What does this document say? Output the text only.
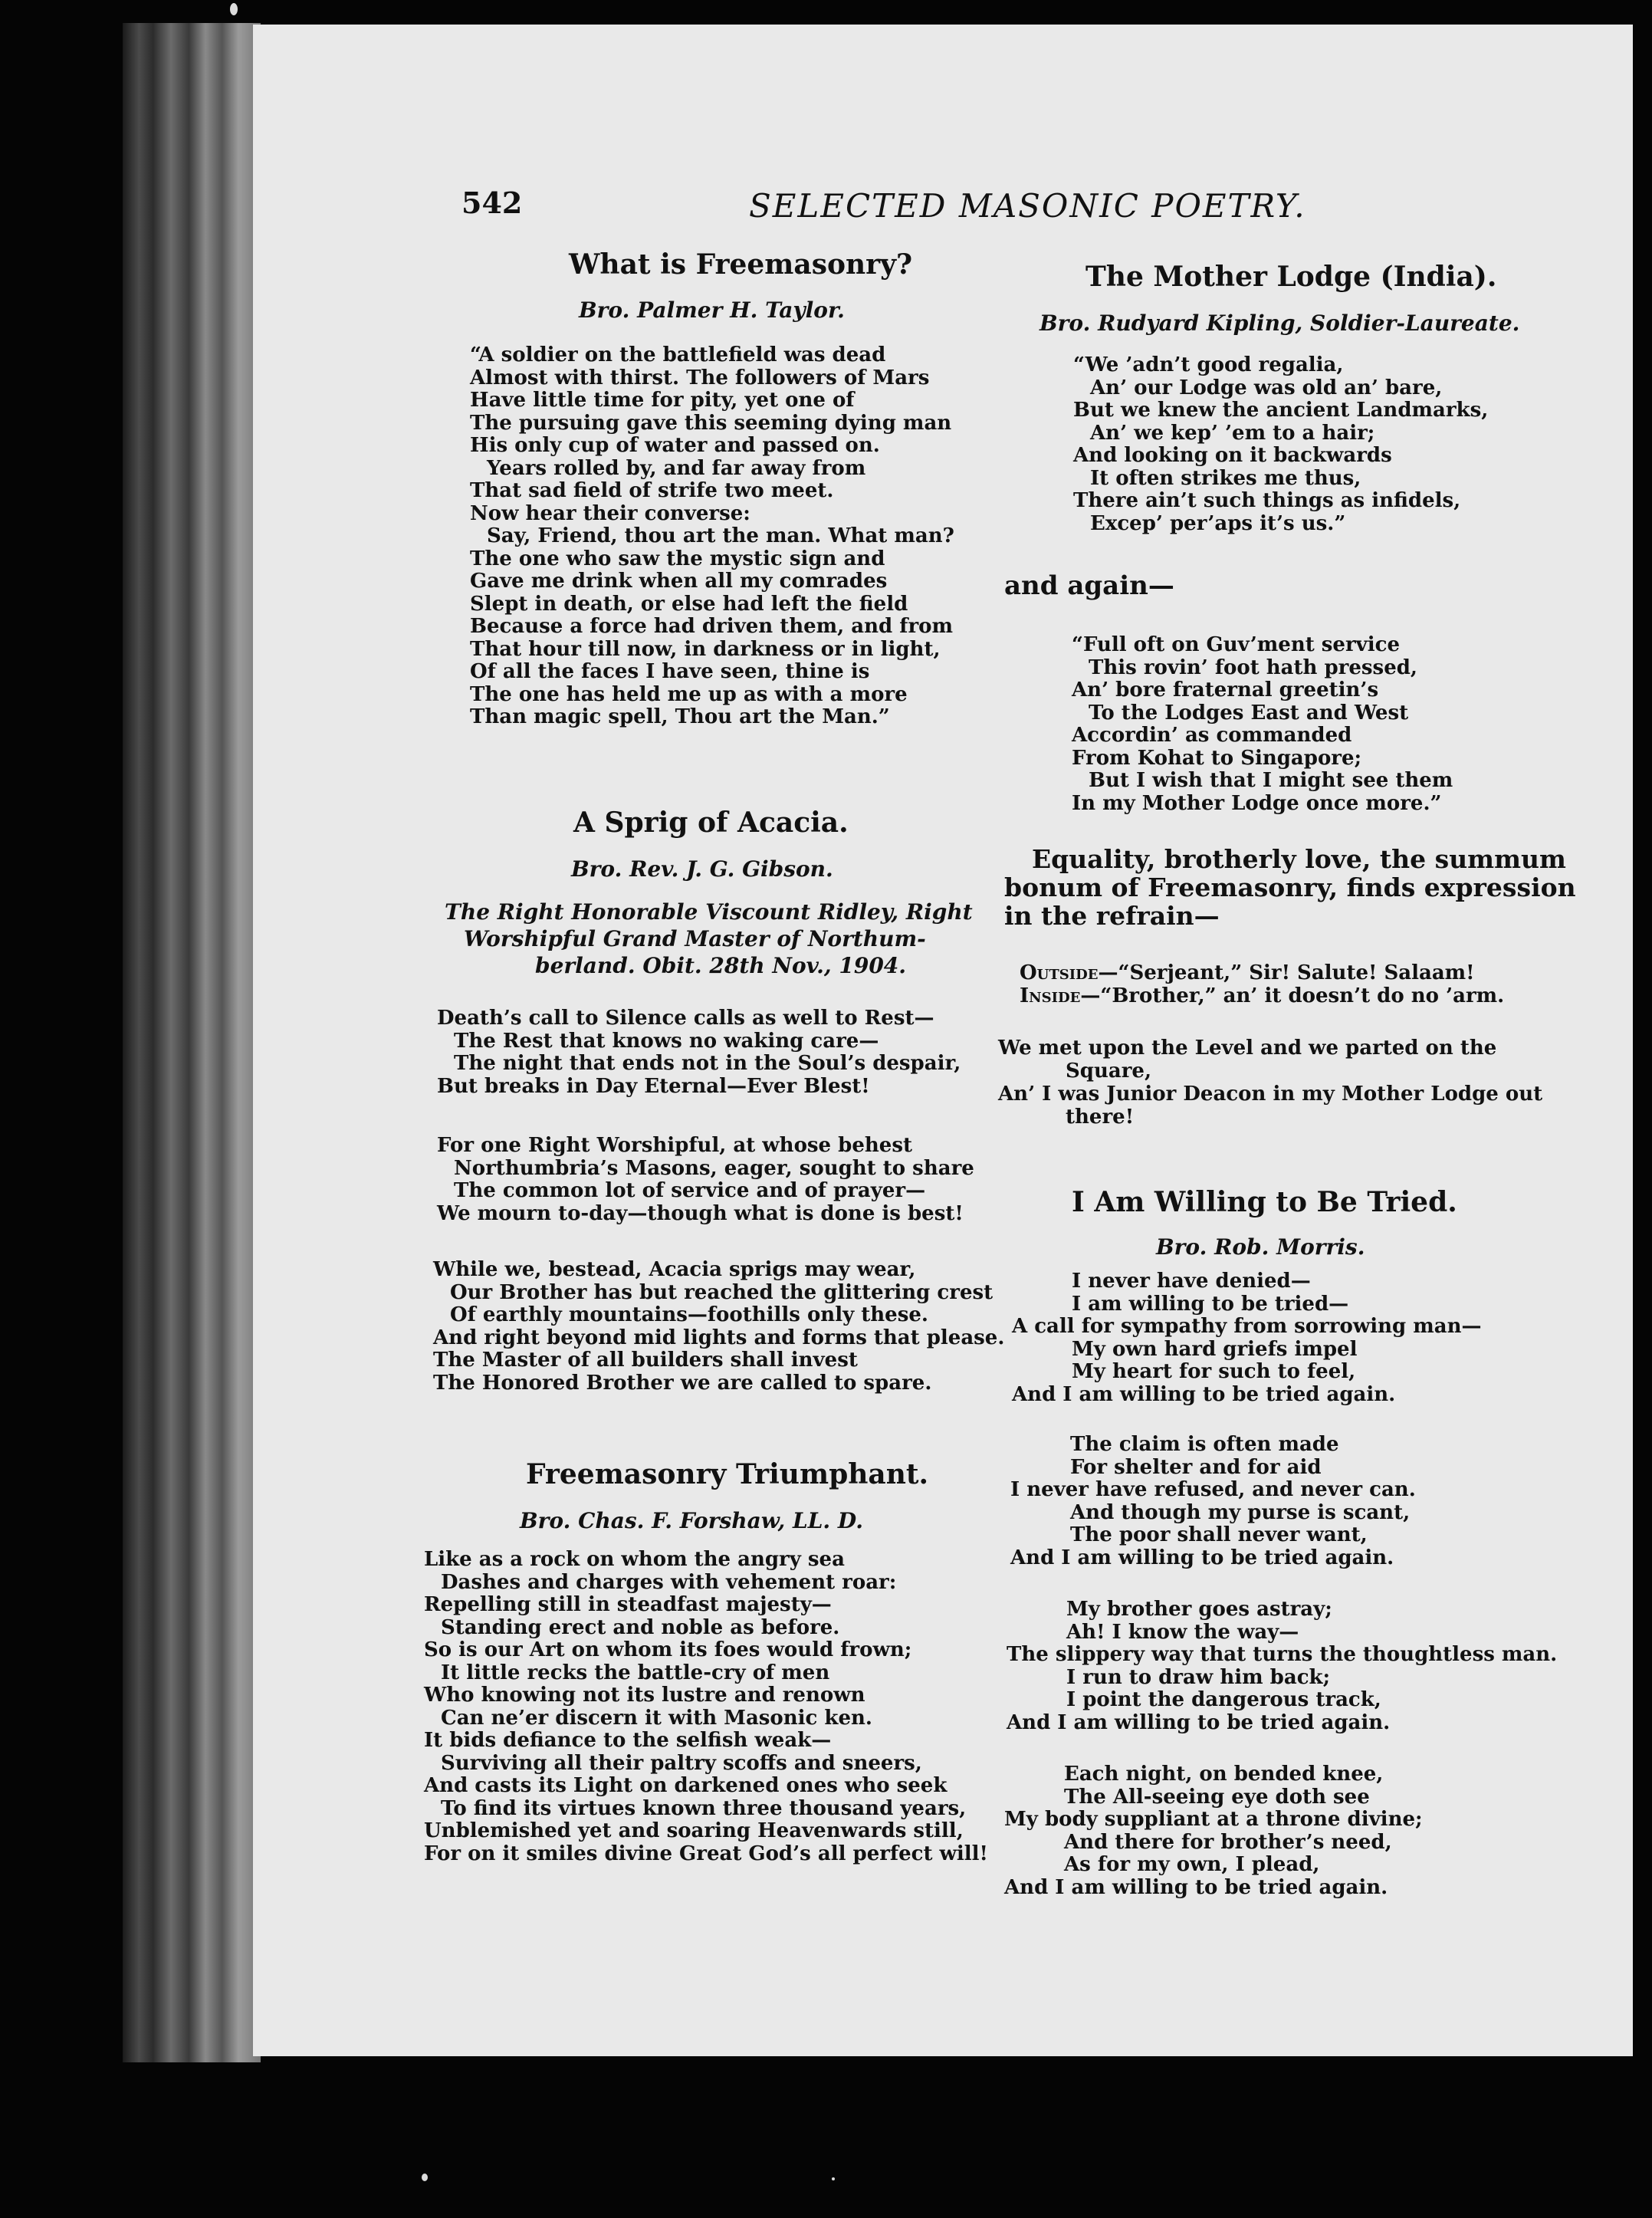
542	SELECTED MASONIC POETRY.
What is Freemasonry?
Bro. Palmer H. Taylor.
“A soldier on the battlefield was dead
Almost with thirst. The followers of Mars
Have little time for pity, yet one of
The pursuing gave this seeming dying man
His only cup of water and passed on.
Years rolled by, and far away from
That sad field of strife two meet.
Now hear their converse:
Say, Friend, thou art the man. What man?
The one who saw the mystic sign and
Gave me drink when all my comrades
Slept in death, or else had left the field
Because a force had driven them, and from
That hour till now, in darkness or in light,
Of all the faces I have seen, thine is
The one has held me up as with a more
Than magic spell, Thou art the Man.”
A Sprig of Acacia.
Bro. Rev. J. G. Gibson.
The Right Honorable Viscount Ridley, Right
Worshipful Grand Master of Northum-
berland. Obit. 28th Nov., 1904.
Death’s call to Silence calls as well to Rest—
The Rest that knows no waking care—
The night that ends not in the Soul’s despair,
But breaks in Day Eternal—Ever Blest!
For one Right Worshipful, at whose behest
Northumbria’s Masons, eager, sought to share
The common lot of service and of prayer—
We mourn to-day—though what is done is best!
While we, bestead, Acacia sprigs may wear,
Our Brother has but reached the glittering crest
Of earthly mountains—foothills only these.
And right beyond mid lights and forms that please.
The Master of all builders shall invest
The Honored Brother we are called to spare.
Freemasonry Triumphant.
Bro. Chas. F. Forshaw, LL. D.
Like as a rock on whom the angry sea
Dashes and charges with vehement roar:
Repelling still in steadfast majesty—
Standing erect and noble as before.
So is our Art on whom its foes would frown;
It little recks the battle-cry of men
Who knowing not its lustre and renown
Can ne’er discern it with Masonic ken.
It bids defiance to the selfish weak—
Surviving all their paltry scoffs and sneers,
And casts its Light on darkened ones who seek
To find its virtues known three thousand years,
Unblemished yet and soaring Heavenwards still,
For on it smiles divine Great God’s all perfect will!
The Mother Lodge (India).
Bro. Rudyard Kipling, Soldier-Laureate.
“We ’adn’t good regalia,
An’ our Lodge was old an’ bare,
But we knew the ancient Landmarks,
An’ we kep’ ’em to a hair;
And looking on it backwards
It often strikes me thus,
There ain’t such things as infidels,
Excep’ per’aps it’s us.”
and again—
“Full oft on Guv’ment service
This rovin’ foot hath pressed,
An’ bore fraternal greetin’s
To the Lodges East and West
Accordin’ as commanded
From Kohat to Singapore;
But I wish that I might see them
In my Mother Lodge once more.”
Equality, brotherly love, the summum
bonum of Freemasonry, finds expression
in the refrain—
Outside—“Serjeant,” Sir! Salute! Salaam!
Inside—“Brother,” an’ it doesn’t do no ’arm.
We met upon the Level and we parted on the
Square,
An’ I was Junior Deacon in my Mother Lodge out
there!
I Am Willing to Be Tried.
Bro. Rob. Morris.
I never have denied—
I am willing to be tried—
A call for sympathy from sorrowing man—
My own hard griefs impel
My heart for such to feel,
And I am willing to be tried again.
The claim is often made
For shelter and for aid
I never have refused, and never can.
And though my purse is scant,
The poor shall never want,
And I am willing to be tried again.
My brother goes astray;
Ah! I know the way—
The slippery way that turns the thoughtless man.
I run to draw him back;
I point the dangerous track,
And I am willing to be tried again.
Each night, on bended knee,
The All-seeing eye doth see
My body suppliant at a throne divine;
And there for brother’s need,
As for my own, I plead,
And I am willing to be tried again.
